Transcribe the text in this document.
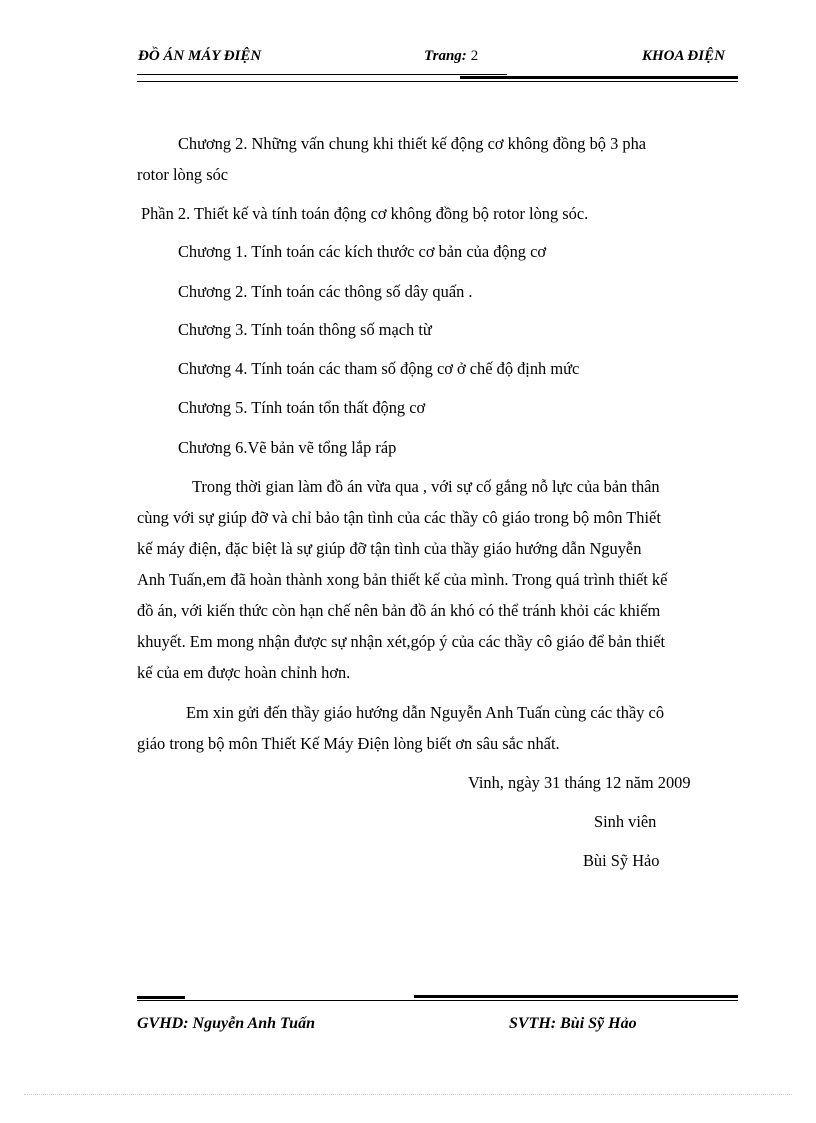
ĐỒ ÁN MÁY ĐIỆN	Trang: 2	KHOA ĐIỆN
Chương 2. Những vấn chung khi thiết kế động cơ không đồng bộ 3 pha
rotor lòng sóc
Phần 2. Thiết kế và tính toán động cơ không đồng bộ rotor lòng sóc.
Chương 1. Tính toán các kích thước cơ bản của động cơ
Chương 2. Tính toán các thông số dây quấn .
Chương 3. Tính toán thông số mạch từ
Chương 4. Tính toán các tham số động cơ ở chế độ định mức
Chương 5. Tính toán tổn thất động cơ
Chương 6.Vẽ bản vẽ tổng lắp ráp
Trong thời gian làm đồ án vừa qua , với sự cố gắng nỗ lực của bản thân
cùng với sự giúp đỡ và chỉ bảo tận tình của các thầy cô giáo trong bộ môn Thiết
kế máy điện, đặc biệt là sự giúp đỡ tận tình của thầy giáo hướng dẫn Nguyễn
Anh Tuấn,em đã hoàn thành xong bản thiết kế của mình. Trong quá trình thiết kế
đồ án, với kiến thức còn hạn chế nên bản đồ án khó có thể tránh khỏi các khiếm
khuyết. Em mong nhận được sự nhận xét,góp ý của các thầy cô giáo để bản thiết
kế của em được hoàn chỉnh hơn.
Em xin gửi đến thầy giáo hướng dẫn Nguyễn Anh Tuấn cùng các thầy cô
giáo trong bộ môn Thiết Kế Máy Điện lòng biết ơn sâu sắc nhất.
Vinh, ngày 31 tháng 12 năm 2009
Sinh viên
Bùi Sỹ Hảo
GVHD: Nguyễn Anh Tuấn	SVTH: Bùi Sỹ Hảo
